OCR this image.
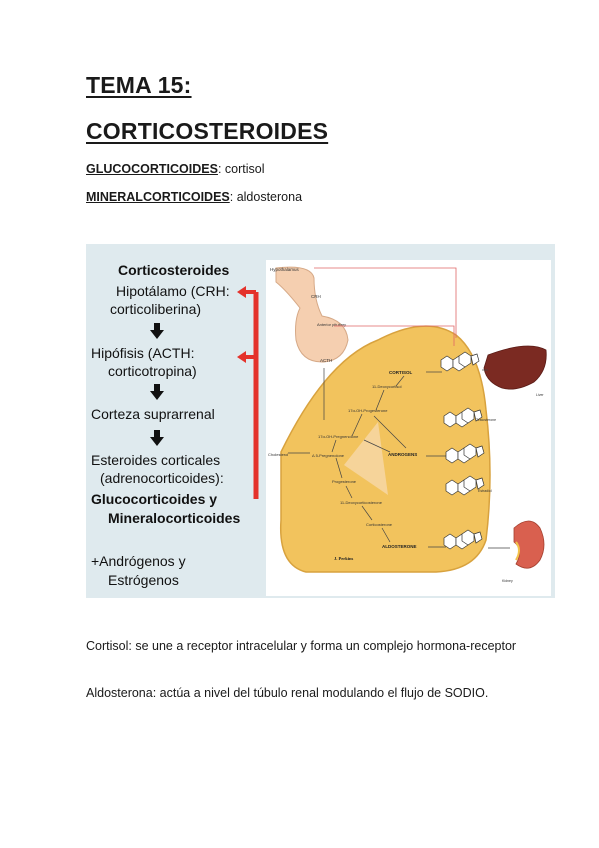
TEMA 15:
CORTICOSTEROIDES
GLUCOCORTICOIDES: cortisol
MINERALCORTICOIDES: aldosterona
Corticosteroides
Hipotálamo (CRH:
corticoliberina)
Hipófisis (ACTH:
corticotropina)
Corteza suprarrenal
Esteroides corticales
(adrenocorticoides):
Glucocorticoides y
Mineralocorticoides
+Andrógenos y
Estrógenos
Hypothalamus
CRH
Anterior pituitary
ACTH
Cholesterol	Δ 5-Pregnenolone
17α-OH-Pregnenolone
17α-OH-Progesterone
11-Deoxycortisol
CORTISOL
Progesterone
11-Deoxycorticosterone
Corticosterone
ALDOSTERONE
ANDROGENS
Testosterone
Estradiol
Liver
Kidney
J. Perkins
Cortisol: se une a receptor intracelular y forma un complejo hormona-receptor
Aldosterona: actúa a nivel del túbulo renal modulando el flujo de SODIO.
